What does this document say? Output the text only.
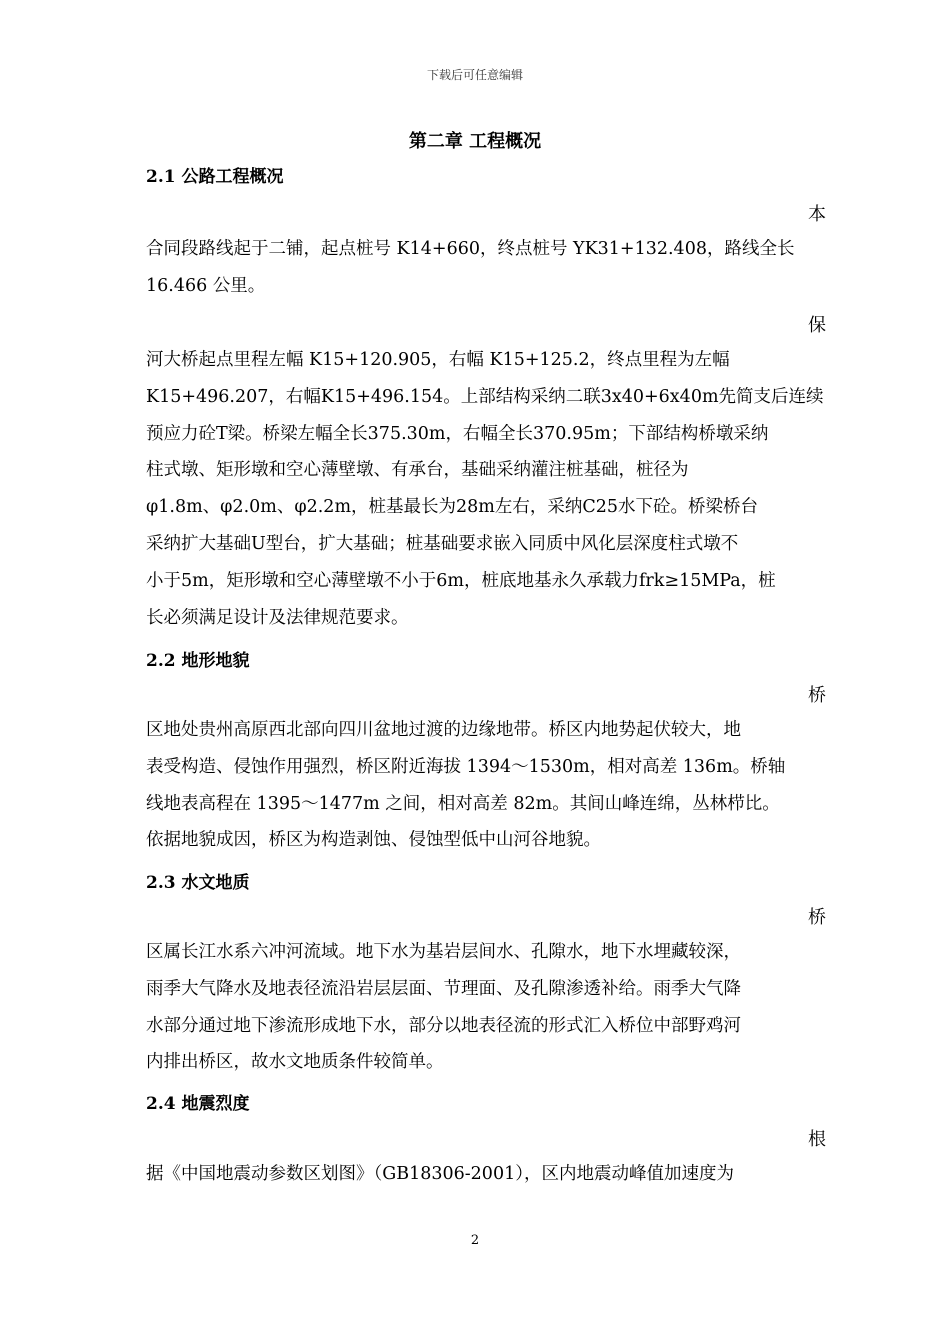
下载后可任意编辑
第二章 工程概况
2.1 公路工程概况
本
合同段路线起于二铺，起点桩号 K14+660，终点桩号 YK31+132.408，路线全长
16.466 公里。
保
河大桥起点里程左幅 K15+120.905，右幅 K15+125.2，终点里程为左幅
K15+496.207，右幅K15+496.154。上部结构采纳二联3x40+6x40m先简支后连续
预应力砼T梁。桥梁左幅全长375.30m，右幅全长370.95m；下部结构桥墩采纳
柱式墩、矩形墩和空心薄壁墩、有承台，基础采纳灌注桩基础，桩径为
φ1.8m、φ2.0m、φ2.2m，桩基最长为28m左右，采纳C25水下砼。桥梁桥台
采纳扩大基础U型台，扩大基础；桩基础要求嵌入同质中风化层深度柱式墩不
小于5m，矩形墩和空心薄壁墩不小于6m，桩底地基永久承载力frk≥15MPa，桩
长必须满足设计及法律规范要求。
2.2 地形地貌
桥
区地处贵州高原西北部向四川盆地过渡的边缘地带。桥区内地势起伏较大，地
表受构造、侵蚀作用强烈，桥区附近海拔 1394～1530m，相对高差 136m。桥轴
线地表高程在 1395～1477m 之间，相对高差 82m。其间山峰连绵，丛林栉比。
依据地貌成因，桥区为构造剥蚀、侵蚀型低中山河谷地貌。
2.3 水文地质
桥
区属长江水系六冲河流域。地下水为基岩层间水、孔隙水，地下水埋藏较深，
雨季大气降水及地表径流沿岩层层面、节理面、及孔隙渗透补给。雨季大气降
水部分通过地下渗流形成地下水，部分以地表径流的形式汇入桥位中部野鸡河
内排出桥区，故水文地质条件较简单。
2.4 地震烈度
根
据《中国地震动参数区划图》（GB18306-2001），区内地震动峰值加速度为
2
